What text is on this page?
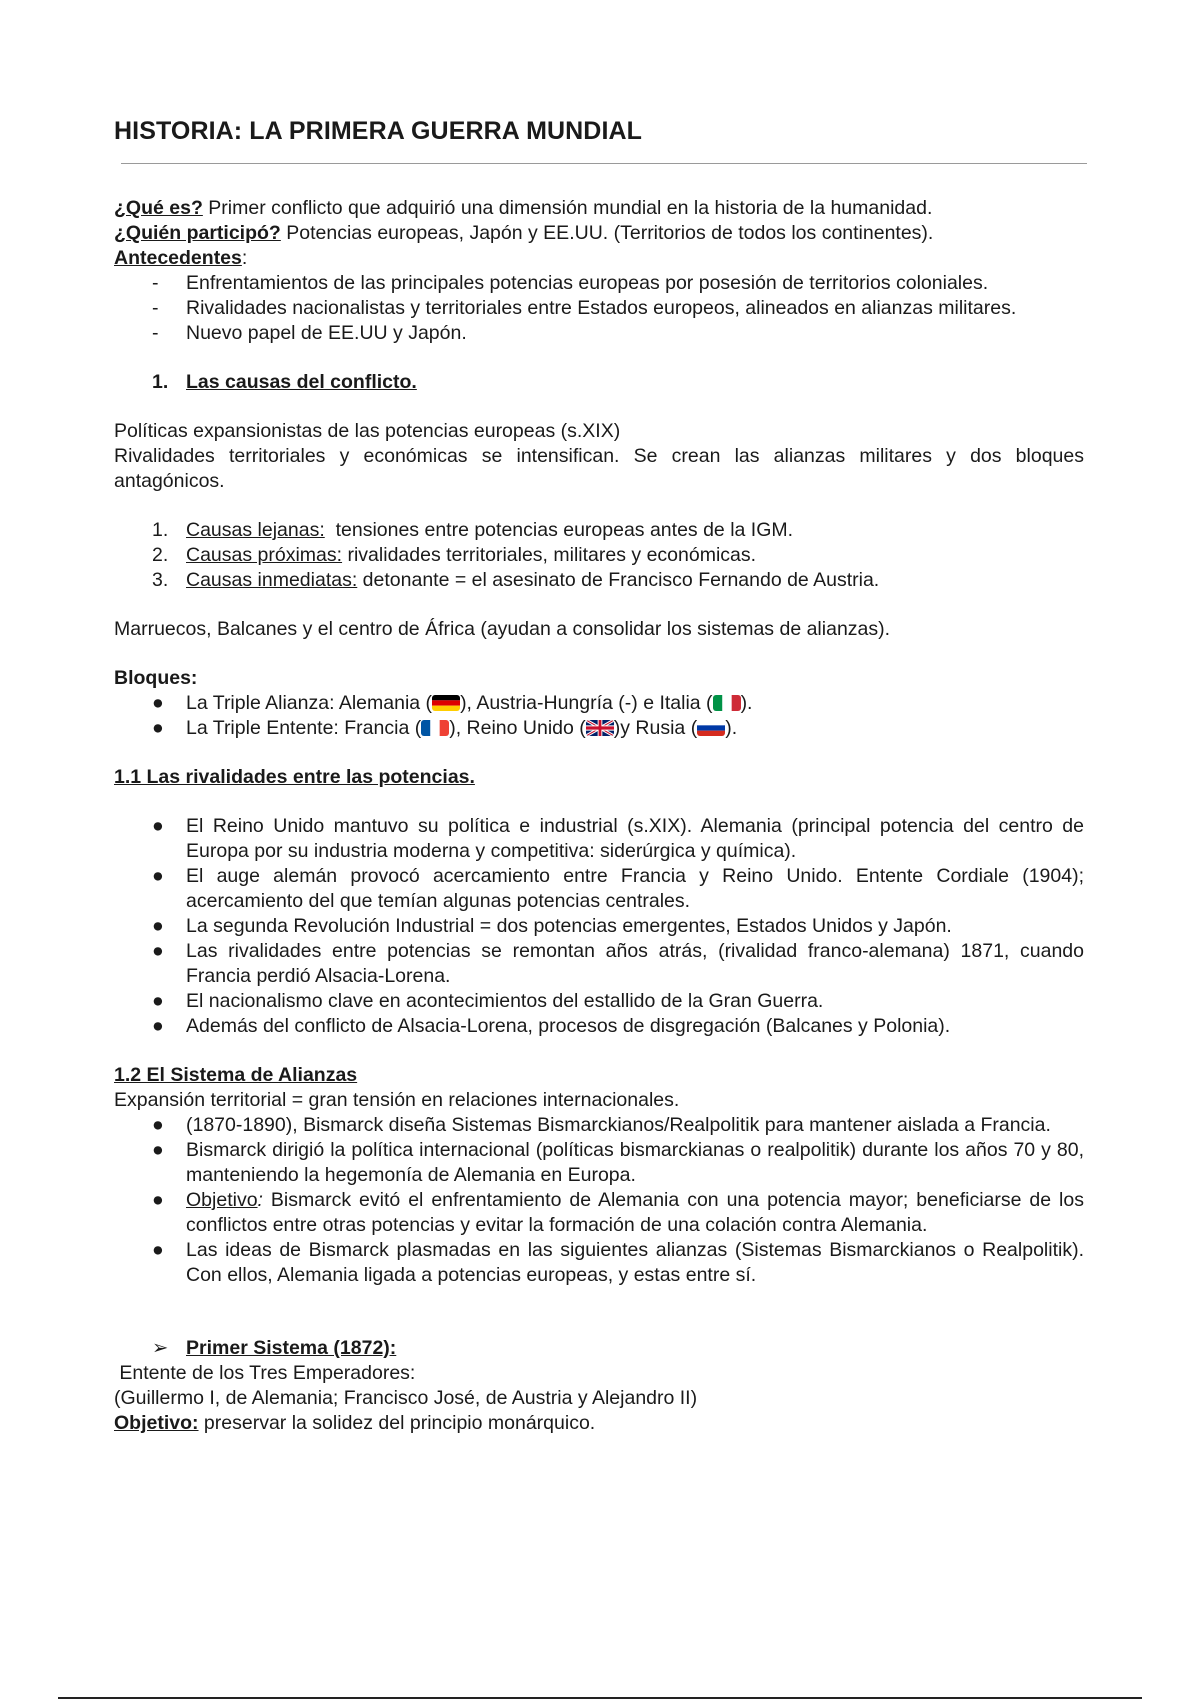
HISTORIA: LA PRIMERA GUERRA MUNDIAL

¿Qué es? Primer conflicto que adquirió una dimensión mundial en la historia de la humanidad.

¿Quién participó? Potencias europeas, Japón y EE.UU. (Territorios de todos los continentes).

Antecedentes:

- Enfrentamientos de las principales potencias europeas por posesión de territorios coloniales.
- Rivalidades nacionalistas y territoriales entre Estados europeos, alineados en alianzas militares.
- Nuevo papel de EE.UU y Japón.
1. Las causas del conflicto.

Políticas expansionistas de las potencias europeas (s.XIX)

Rivalidades territoriales y económicas se intensifican. Se crean las alianzas militares y dos bloques antagónicos.

1. Causas lejanas:  tensiones entre potencias europeas antes de la IGM.
2. Causas próximas: rivalidades territoriales, militares y económicas.
3. Causas inmediatas: detonante = el asesinato de Francisco Fernando de Austria.

Marruecos, Balcanes y el centro de África (ayudan a consolidar los sistemas de alianzas).

Bloques:

● La Triple Alianza: Alemania ( ), Austria-Hungría (-) e Italia ( ).
● La Triple Entente: Francia ( ), Reino Unido ( )y Rusia ( ).

1.1 Las rivalidades entre las potencias.

● El Reino Unido mantuvo su política e industrial (s.XIX). Alemania (principal potencia del centro de Europa por su industria moderna y competitiva: siderúrgica y química).
● El auge alemán provocó acercamiento entre Francia y Reino Unido. Entente Cordiale (1904); acercamiento del que temían algunas potencias centrales.
● La segunda Revolución Industrial = dos potencias emergentes, Estados Unidos y Japón.
● Las rivalidades entre potencias se remontan años atrás, (rivalidad franco-alemana) 1871, cuando Francia perdió Alsacia-Lorena.
● El nacionalismo clave en acontecimientos del estallido de la Gran Guerra.
● Además del conflicto de Alsacia-Lorena, procesos de disgregación (Balcanes y Polonia).

1.2 El Sistema de Alianzas

Expansión territorial = gran tensión en relaciones internacionales.

● (1870-1890), Bismarck diseña Sistemas Bismarckianos/Realpolitik para mantener aislada a Francia.
● Bismarck dirigió la política internacional (políticas bismarckianas o realpolitik) durante los años 70 y 80, manteniendo la hegemonía de Alemania en Europa.
● Objetivo: Bismarck evitó el enfrentamiento de Alemania con una potencia mayor; beneficiarse de los conflictos entre otras potencias y evitar la formación de una colación contra Alemania.
● Las ideas de Bismarck plasmadas en las siguientes alianzas (Sistemas Bismarckianos o Realpolitik). Con ellos, Alemania ligada a potencias europeas, y estas entre sí.
➢ Primer Sistema (1872):

Entente de los Tres Emperadores:

(Guillermo I, de Alemania; Francisco José, de Austria y Alejandro II)

Objetivo: preservar la solidez del principio monárquico.
